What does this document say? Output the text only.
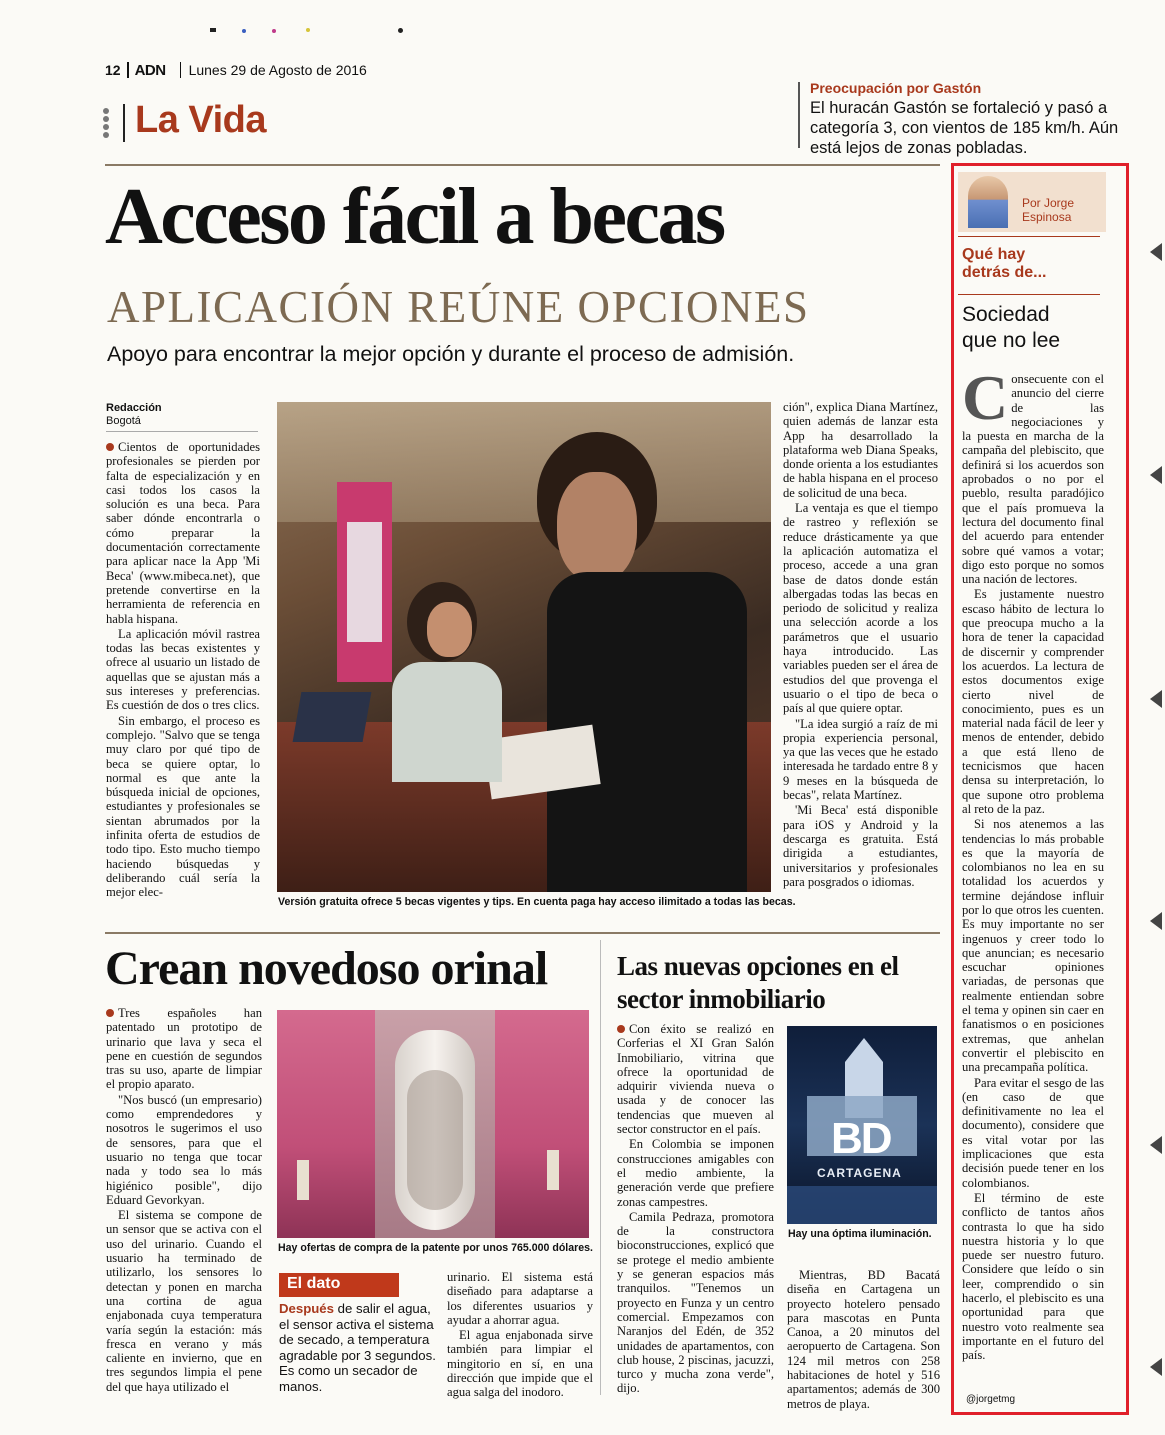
12 ADN Lunes 29 de Agosto de 2016
La Vida
Preocupación por Gastón
El huracán Gastón se fortaleció y pasó a categoría 3, con vientos de 185 km/h. Aún está lejos de zonas pobladas.
Acceso fácil a becas
APLICACIÓN REÚNE OPCIONES
Apoyo para encontrar la mejor opción y durante el proceso de admisión.
Redacción
Bogotá

Cientos de oportunidades profesionales se pierden por falta de especialización y en casi todos los casos la solución es una beca. Para saber dónde encontrarla o cómo preparar la documentación correctamente para aplicar nace la App 'Mi Beca' (www.mibeca.net), que pretende convertirse en la herramienta de referencia en habla hispana.

La aplicación móvil rastrea todas las becas existentes y ofrece al usuario un listado de aquellas que se ajustan más a sus intereses y preferencias. Es cuestión de dos o tres clics.

Sin embargo, el proceso es complejo. "Salvo que se tenga muy claro por qué tipo de beca se quiere optar, lo normal es que ante la búsqueda inicial de opciones, estudiantes y profesionales se sientan abrumados por la infinita oferta de estudios de todo tipo. Esto mucho tiempo haciendo búsquedas y deliberando cuál sería la mejor elec-

Versión gratuita ofrece 5 becas vigentes y tips. En cuenta paga hay acceso ilimitado a todas las becas.

ción", explica Diana Martínez, quien además de lanzar esta App ha desarrollado la plataforma web Diana Speaks, donde orienta a los estudiantes de habla hispana en el proceso de solicitud de una beca.

La ventaja es que el tiempo de rastreo y reflexión se reduce drásticamente ya que la aplicación automatiza el proceso, accede a una gran base de datos donde están albergadas todas las becas en periodo de solicitud y realiza una selección acorde a los parámetros que el usuario haya introducido. Las variables pueden ser el área de estudios del que provenga el usuario o el tipo de beca o país al que quiere optar.

"La idea surgió a raíz de mi propia experiencia personal, ya que las veces que he estado interesada he tardado entre 8 y 9 meses en la búsqueda de becas", relata Martínez.

'Mi Beca' está disponible para iOS y Android y la descarga es gratuita. Está dirigida a estudiantes, universitarios y profesionales para posgrados o idiomas.

Crean novedoso orinal

Tres españoles han patentado un prototipo de urinario que lava y seca el pene en cuestión de segundos tras su uso, aparte de limpiar el propio aparato.

"Nos buscó (un empresario) como emprendedores y nosotros le sugerimos el uso de sensores, para que el usuario no tenga que tocar nada y todo sea lo más higiénico posible", dijo Eduard Gevorkyan.

El sistema se compone de un sensor que se activa con el uso del urinario. Cuando el usuario ha terminado de utilizarlo, los sensores lo detectan y ponen en marcha una cortina de agua enjabonada cuya temperatura varía según la estación: más fresca en verano y más caliente en invierno, que en tres segundos limpia el pene del que haya utilizado el

Hay ofertas de compra de la patente por unos 765.000 dólares.
El dato
Después de salir el agua, el sensor activa el sistema de secado, a temperatura agradable por 3 segundos. Es como un secador de manos.

urinario. El sistema está diseñado para adaptarse a los diferentes usuarios y ayudar a ahorrar agua.

El agua enjabonada sirve también para limpiar el mingitorio en sí, en una dirección que impide que el agua salga del inodoro.

Las nuevas opciones en el sector inmobiliario

Con éxito se realizó en Corferias el XI Gran Salón Inmobiliario, vitrina que ofrece la oportunidad de adquirir vivienda nueva o usada y de conocer las tendencias que mueven al sector constructor en el país.

En Colombia se imponen construcciones amigables con el medio ambiente, la generación verde que prefiere zonas campestres.

Camila Pedraza, promotora de la constructora bioconstrucciones, explicó que se protege el medio ambiente y se generan espacios más tranquilos. "Tenemos un proyecto en Funza y un centro comercial. Empezamos con Naranjos del Edén, de 352 unidades de apartamentos, con club house, 2 piscinas, jacuzzi, turco y mucha zona verde", dijo.

BD
CARTAGENA
Hay una óptima iluminación.

Mientras, BD Bacatá diseña en Cartagena un proyecto hotelero pensado para mascotas en Punta Canoa, a 20 minutos del aeropuerto de Cartagena. Son 124 mil metros con 258 habitaciones de hotel y 516 apartamentos; además de 300 metros de playa.

Por Jorge
Espinosa
Qué hay detrás de...
Sociedad que no lee
C onsecuente con el anuncio del cierre de las negociaciones y la puesta en marcha de la campaña del plebiscito, que definirá si los acuerdos son aprobados o no por el pueblo, resulta paradójico que el país promueva la lectura del documento final del acuerdo para entender sobre qué vamos a votar; digo esto porque no somos una nación de lectores.

Es justamente nuestro escaso hábito de lectura lo que preocupa mucho a la hora de tener la capacidad de discernir y comprender los acuerdos. La lectura de estos documentos exige cierto nivel de conocimiento, pues es un material nada fácil de leer y menos de entender, debido a que está lleno de tecnicismos que hacen densa su interpretación, lo que supone otro problema al reto de la paz.

Si nos atenemos a las tendencias lo más probable es que la mayoría de colombianos no lea en su totalidad los acuerdos y termine dejándose influir por lo que otros les cuenten. Es muy importante no ser ingenuos y creer todo lo que anuncian; es necesario escuchar opiniones variadas, de personas que realmente entiendan sobre el tema y opinen sin caer en fanatismos o en posiciones extremas, que anhelan convertir el plebiscito en una precampaña política.

Para evitar el sesgo de las (en caso de que definitivamente no lea el documento), considere que es vital votar por las implicaciones que esta decisión puede tener en los colombianos.

El término de este conflicto de tantos años contrasta lo que ha sido nuestra historia y lo que puede ser nuestro futuro. Considere que leído o sin leer, comprendido o sin hacerlo, el plebiscito es una oportunidad para que nuestro voto realmente sea importante en el futuro del país.

@jorgetmg
